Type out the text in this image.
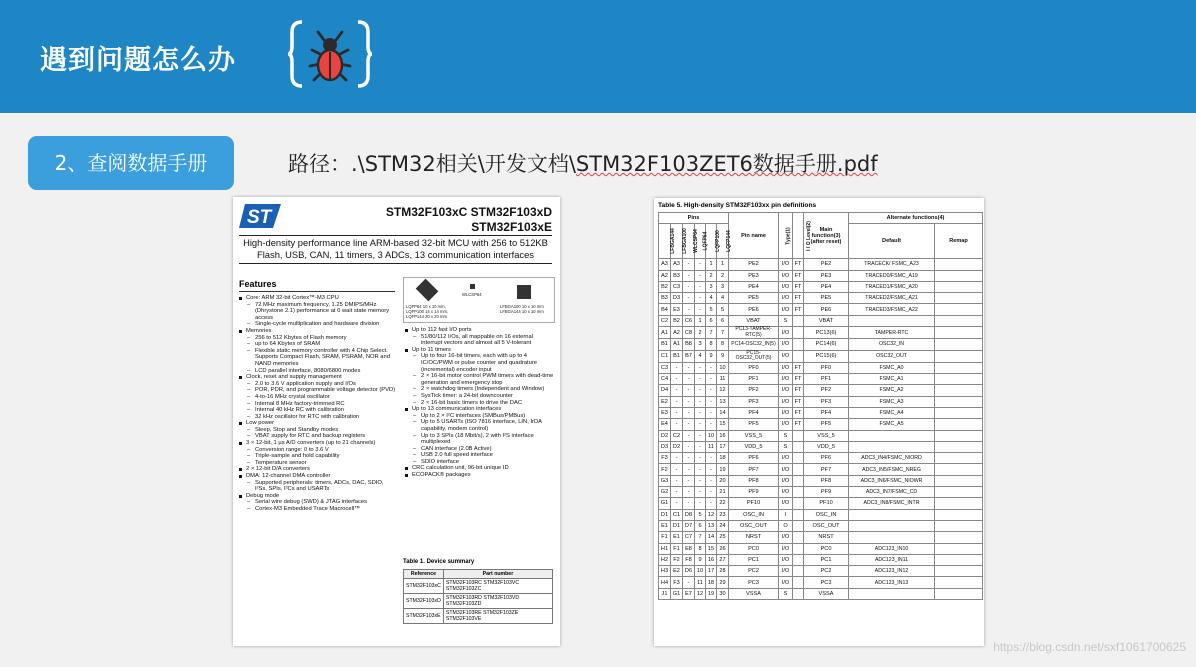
遇到问题怎么办
2、查阅数据手册	路径：.\STM32相关\开发文档\STM32F103ZET6数据手册.pdf
ST	STM32F103xC STM32F103xD
STM32F103xE
High-density performance line ARM-based 32-bit MCU with 256 to 512KB Flash, USB, CAN, 11 timers, 3 ADCs, 13 communication interfaces
Features
LQFP64 10 x 10 mm, LQFP100 14 x 14 mm, LQFP144 20 x 20 mm
WLCSP64
LFBGA100 10 x 10 mm LFBGA144 10 x 10 mm
Core: ARM 32-bit Cortex™-M3 CPU
– 72 MHz maximum frequency, 1.25 DMIPS/MHz (Dhrystone 2.1) performance at 0 wait state memory access
– Single-cycle multiplication and hardware division
Memories
– 256 to 512 Kbytes of Flash memory
– up to 64 Kbytes of SRAM
– Flexible static memory controller with 4 Chip Select. Supports Compact Flash, SRAM, PSRAM, NOR and NAND memories
– LCD parallel interface, 8080/6800 modes
Clock, reset and supply management
– 2.0 to 3.6 V application supply and I/Os
– POR, PDR, and programmable voltage detector (PVD)
– 4-to-16 MHz crystal oscillator
– Internal 8 MHz factory-trimmed RC
– Internal 40 kHz RC with calibration
– 32 kHz oscillator for RTC with calibration
Low power
– Sleep, Stop and Standby modes
– VBAT supply for RTC and backup registers
3 × 12-bit, 1 µs A/D converters (up to 21 channels)
– Conversion range: 0 to 3.6 V
– Triple-sample and hold capability
– Temperature sensor
2 × 12-bit D/A converters
DMA: 12-channel DMA controller
– Supported peripherals: timers, ADCs, DAC, SDIO, I²Ss, SPIs, I²Cs and USARTs
Debug mode
– Serial wire debug (SWD) & JTAG interfaces
– Cortex-M3 Embedded Trace Macrocell™
Up to 112 fast I/O ports
– 51/80/112 I/Os, all mappable on 16 external interrupt vectors and almost all 5 V-tolerant
Up to 11 timers
– Up to four 16-bit timers, each with up to 4 IC/OC/PWM or pulse counter and quadrature (incremental) encoder input
– 2 × 16-bit motor control PWM timers with dead-time generation and emergency stop
– 2 × watchdog timers (Independent and Window)
– SysTick timer: a 24-bit downcounter
– 2 × 16-bit basic timers to drive the DAC
Up to 13 communication interfaces
– Up to 2 × I²C interfaces (SMBus/PMBus)
– Up to 5 USARTs (ISO 7816 interface, LIN, IrDA capability, modem control)
– Up to 3 SPIs (18 Mbit/s), 2 with I²S interface multiplexed
– CAN interface (2.0B Active)
– USB 2.0 full speed interface
– SDIO interface
CRC calculation unit, 96-bit unique ID
ECOPACK® packages
Table 1. Device summary
Reference	Part number
STM32F103xC	STM32F103RC STM32F103VC STM32F103ZC
STM32F103xD	STM32F103RD STM32F103VD STM32F103ZD
STM32F103xE	STM32F103RE STM32F103ZE STM32F103VE
Table 5. High-density STM32F103xx pin definitions
Pins						Pin name	Type(1)	I / O Level(2)	Main function(3) (after reset)	Alternate functions(4)	
LFBGA144	LFBGA100	WLCSP64	LQFP64	LQFP100	LQFP144					Default	Remap
A3	A3	-	-	1	1	PE2	I/O	FT	PE2	TRACECK/ FSMC_A23	
A2	B3	-	-	2	2	PE3	I/O	FT	PE3	TRACED0/FSMC_A19	
B2	C3	-	-	3	3	PE4	I/O	FT	PE4	TRACED1/FSMC_A20	
B3	D3	-	-	4	4	PE5	I/O	FT	PE5	TRACED2/FSMC_A21	
B4	E3	-	-	5	5	PE6	I/O	FT	PE6	TRACED3/FSMC_A22	
C2	B2	C6	1	6	6	VBAT	S		VBAT		
A1	A2	C8	2	7	7	PC13-TAMPER-RTC(5)	I/O		PC13(6)	TAMPER-RTC	
B1	A1	B8	3	8	8	PC14-OSC32_IN(5)	I/O		PC14(6)	OSC32_IN	
C1	B1	B7	4	9	9	PC15-OSC32_OUT(5)	I/O		PC15(6)	OSC32_OUT	
C3	-	-	-	-	10	PF0	I/O	FT	PF0	FSMC_A0	
C4	-	-	-	-	11	PF1	I/O	FT	PF1	FSMC_A1	
D4	-	-	-	-	12	PF2	I/O	FT	PF2	FSMC_A2	
E2	-	-	-	-	13	PF3	I/O	FT	PF3	FSMC_A3	
E3	-	-	-	-	14	PF4	I/O	FT	PF4	FSMC_A4	
E4	-	-	-	-	15	PF5	I/O	FT	PF5	FSMC_A5	
D2	C2	-	-	10	16	VSS_5	S		VSS_5		
D3	D2	-	-	11	17	VDD_5	S		VDD_5		
F3	-	-	-	-	18	PF6	I/O		PF6	ADC3_IN4/FSMC_NIORD	
F2	-	-	-	-	19	PF7	I/O		PF7	ADC3_IN5/FSMC_NREG	
G3	-	-	-	-	20	PF8	I/O		PF8	ADC3_IN6/FSMC_NIOWR	
G2	-	-	-	-	21	PF9	I/O		PF9	ADC3_IN7/FSMC_CD	
G1	-	-	-	-	22	PF10	I/O		PF10	ADC3_IN8/FSMC_INTR	
D1	C1	D8	5	12	23	OSC_IN	I		OSC_IN		
E1	D1	D7	6	13	24	OSC_OUT	O		OSC_OUT		
F1	E1	C7	7	14	25	NRST	I/O		NRST		
H1	F1	E8	8	15	26	PC0	I/O		PC0	ADC123_IN10	
H2	F2	F8	9	16	27	PC1	I/O		PC1	ADC123_IN11	
H3	E2	D6	10	17	28	PC2	I/O		PC2	ADC123_IN12	
H4	F3	-	11	18	29	PC3	I/O		PC3	ADC123_IN13	
J1	G1	E7	12	19	30	VSSA	S		VSSA		
https://blog.csdn.net/sxf1061700625
